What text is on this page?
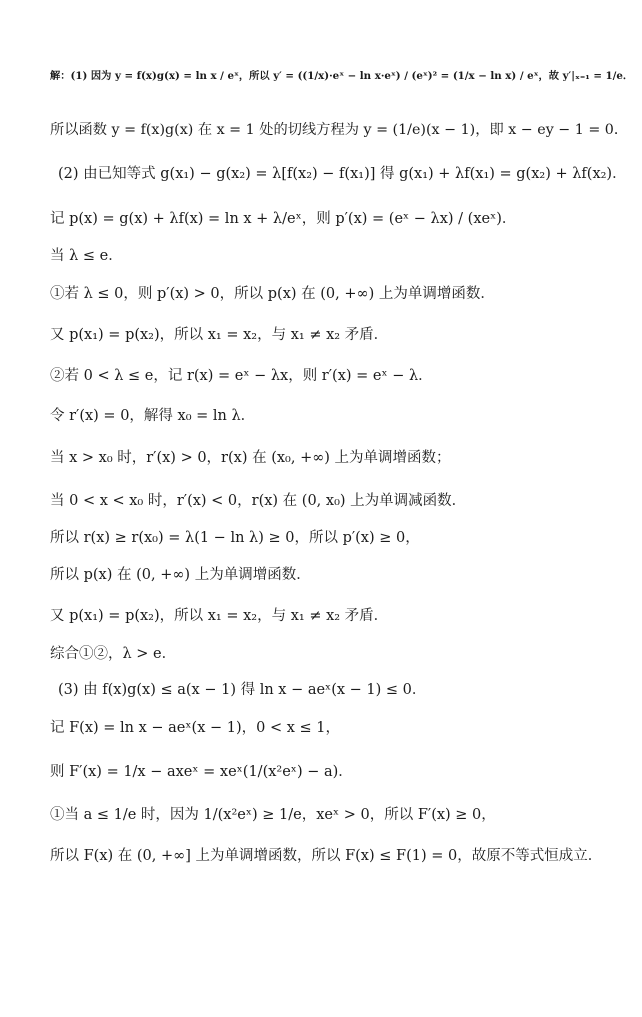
解：(1) 因为 y = f(x)g(x) = ln x / eˣ，所以 y′ = ((1/x)·eˣ − ln x·eˣ) / (eˣ)² = (1/x − ln x) / eˣ，故 y′|ₓ₌₁ = 1/e．
所以函数 y = f(x)g(x) 在 x = 1 处的切线方程为 y = (1/e)(x − 1)，即 x − ey − 1 = 0．
(2) 由已知等式 g(x₁) − g(x₂) = λ[f(x₂) − f(x₁)] 得 g(x₁) + λf(x₁) = g(x₂) + λf(x₂)．
记 p(x) = g(x) + λf(x) = ln x + λ/eˣ，则 p′(x) = (eˣ − λx) / (xeˣ)．
当 λ ≤ e．
①若 λ ≤ 0，则 p′(x) > 0，所以 p(x) 在 (0, +∞) 上为单调增函数．
又 p(x₁) = p(x₂)，所以 x₁ = x₂，与 x₁ ≠ x₂ 矛盾．
②若 0 < λ ≤ e，记 r(x) = eˣ − λx，则 r′(x) = eˣ − λ．
令 r′(x) = 0，解得 x₀ = ln λ．
当 x > x₀ 时，r′(x) > 0，r(x) 在 (x₀, +∞) 上为单调增函数；
当 0 < x < x₀ 时，r′(x) < 0，r(x) 在 (0, x₀) 上为单调减函数．
所以 r(x) ≥ r(x₀) = λ(1 − ln λ) ≥ 0，所以 p′(x) ≥ 0，
所以 p(x) 在 (0, +∞) 上为单调增函数．
又 p(x₁) = p(x₂)，所以 x₁ = x₂，与 x₁ ≠ x₂ 矛盾．
综合①②，λ > e．
(3) 由 f(x)g(x) ≤ a(x − 1) 得 ln x − aeˣ(x − 1) ≤ 0．
记 F(x) = ln x − aeˣ(x − 1)，0 < x ≤ 1，
则 F′(x) = 1/x − axeˣ = xeˣ(1/(x²eˣ) − a)．
①当 a ≤ 1/e 时，因为 1/(x²eˣ) ≥ 1/e，xeˣ > 0，所以 F′(x) ≥ 0，
所以 F(x) 在 (0, +∞] 上为单调增函数，所以 F(x) ≤ F(1) = 0，故原不等式恒成立．
